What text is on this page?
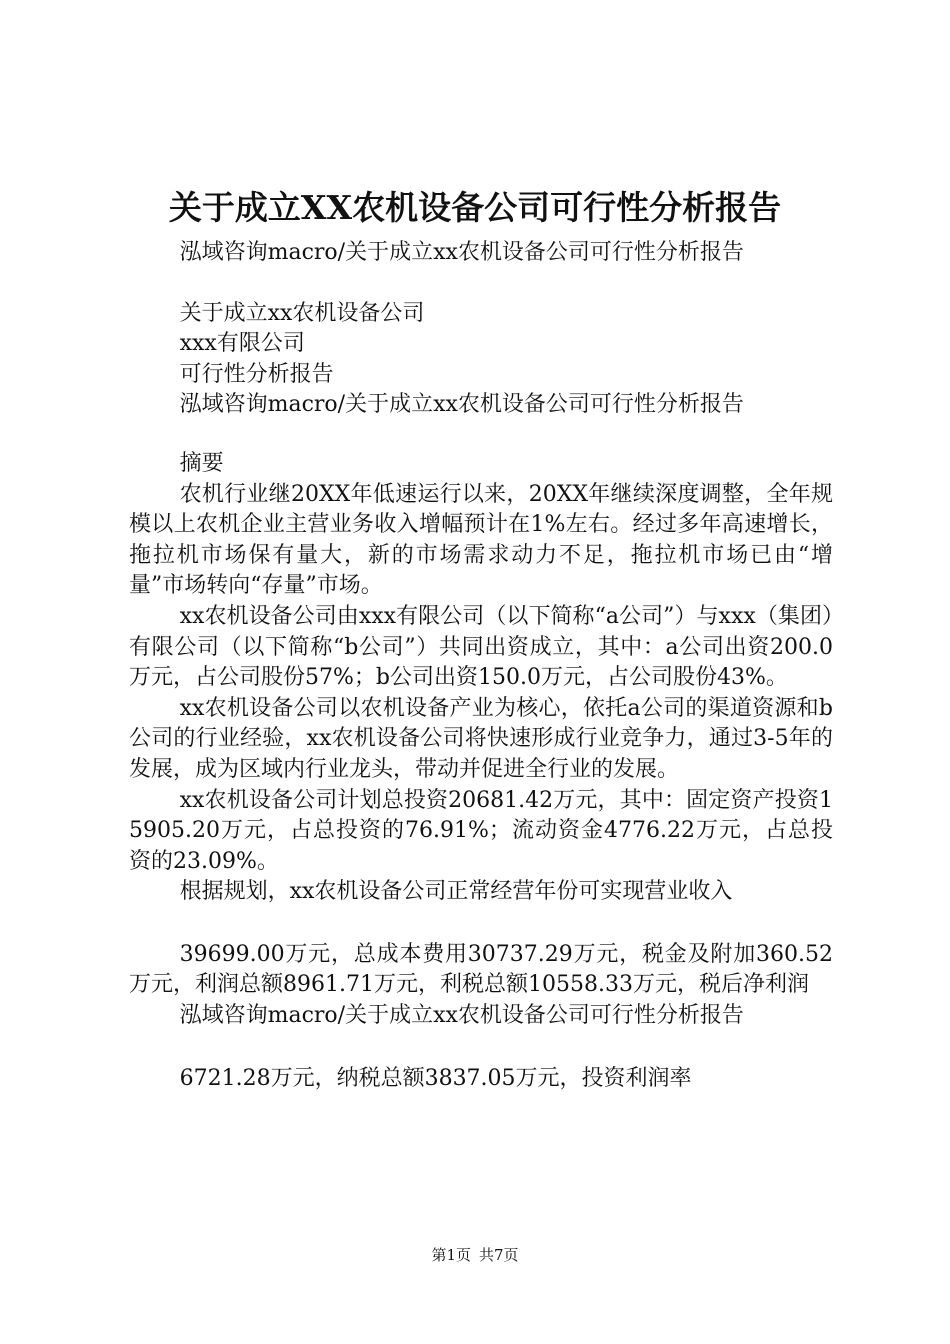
关于成立XX农机设备公司可行性分析报告

泓域咨询macro/关于成立xx农机设备公司可行性分析报告

关于成立xx农机设备公司

xxx有限公司

可行性分析报告

泓域咨询macro/关于成立xx农机设备公司可行性分析报告

摘要

农机行业继20XX年低速运行以来，20XX年继续深度调整，全年规模以上农机企业主营业务收入增幅预计在1%左右。经过多年高速增长，拖拉机市场保有量大，新的市场需求动力不足，拖拉机市场已由“增量”市场转向“存量”市场。

xx农机设备公司由xxx有限公司（以下简称“a公司”）与xxx（集团）有限公司（以下简称“b公司”）共同出资成立，其中：a公司出资200.0万元，占公司股份57%；b公司出资150.0万元，占公司股份43%。

xx农机设备公司以农机设备产业为核心，依托a公司的渠道资源和b公司的行业经验，xx农机设备公司将快速形成行业竞争力，通过3-5年的发展，成为区域内行业龙头，带动并促进全行业的发展。

xx农机设备公司计划总投资20681.42万元，其中：固定资产投资15905.20万元，占总投资的76.91%；流动资金4776.22万元，占总投资的23.09%。

根据规划，xx农机设备公司正常经营年份可实现营业收入

39699.00万元，总成本费用30737.29万元，税金及附加360.52万元，利润总额8961.71万元，利税总额10558.33万元，税后净利润

泓域咨询macro/关于成立xx农机设备公司可行性分析报告

6721.28万元，纳税总额3837.05万元，投资利润率

第1页 共7页
